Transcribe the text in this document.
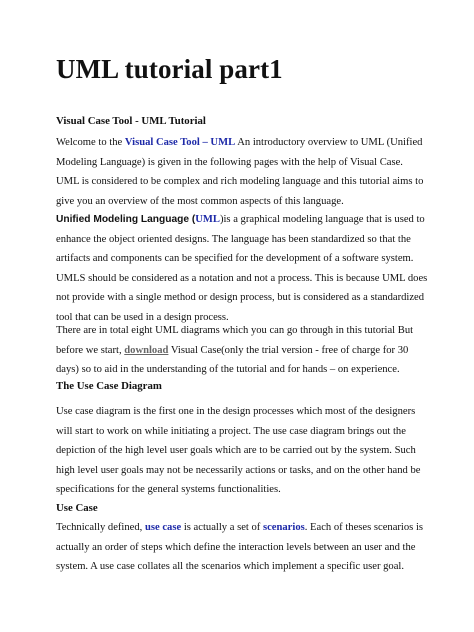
UML tutorial part1
Visual Case Tool - UML Tutorial
Welcome to the Visual Case Tool – UML An introductory overview to UML (Unified Modeling Language) is given in the following pages with the help of Visual Case. UML is considered to be complex and rich modeling language and this tutorial aims to give you an overview of the most common aspects of this language.
Unified Modeling Language (UML)is a graphical modeling language that is used to enhance the object oriented designs. The language has been standardized so that the artifacts and components can be specified for the development of a software system. UMLS should be considered as a notation and not a process. This is because UML does not provide with a single method or design process, but is considered as a standardized tool that can be used in a design process.
There are in total eight UML diagrams which you can go through in this tutorial But before we start, download Visual Case(only the trial version - free of charge for 30 days) so to aid in the understanding of the tutorial and for hands – on experience.
The Use Case Diagram
Use case diagram is the first one in the design processes which most of the designers will start to work on while initiating a project. The use case diagram brings out the depiction of the high level user goals which are to be carried out by the system. Such high level user goals may not be necessarily actions or tasks, and on the other hand be specifications for the general systems functionalities.
Use Case
Technically defined, use case is actually a set of scenarios. Each of theses scenarios is actually an order of steps which define the interaction levels between an user and the system. A use case collates all the scenarios which implement a specific user goal.
